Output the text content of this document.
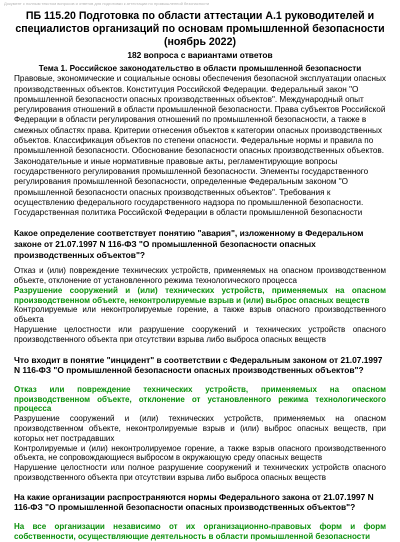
Документ с полным текстом вопросов и ответов для подготовки к аттестации по промышленной безопасности
ПБ 115.20 Подготовка по области аттестации А.1 руководителей и специалистов организаций по основам промышленной безопасности (ноябрь 2022)
182 вопроса с вариантами ответов
Тема 1. Российское законодательство в области промышленной безопасности
Правовые, экономические и социальные основы обеспечения безопасной эксплуатации опасных производственных объектов. Конституция Российской Федерации. Федеральный закон "О промышленной безопасности опасных производственных объектов". Международный опыт регулирования отношений в области промышленной безопасности. Права субъектов Российской Федерации в области регулирования отношений по промышленной безопасности, а также в смежных областях права. Критерии отнесения объектов к категории опасных производственных объектов. Классификация объектов по степени опасности. Федеральные нормы и правила по промышленной безопасности. Обоснование безопасности опасных производственных объектов. Законодательные и иные нормативные правовые акты, регламентирующие вопросы государственного регулирования промышленной безопасности. Элементы государственного регулирования промышленной безопасности, определенные Федеральным законом "О промышленной безопасности опасных производственных объектов". Требования к осуществлению федерального государственного надзора по промышленной безопасности. Государственная политика Российской Федерации в области промышленной безопасности
Какое определение соответствует понятию "авария", изложенному в Федеральном законе от 21.07.1997 N 116-ФЗ "О промышленной безопасности опасных производственных объектов"?

Отказ и (или) повреждение технических устройств, применяемых на опасном производственном объекте, отклонение от установленного режима технологического процесса

Разрушение сооружений и (или) технических устройств, применяемых на опасном производственном объекте, неконтролируемые взрыв и (или) выброс опасных веществ

Контролируемые или неконтролируемые горение, а также взрыв опасного производственного объекта

Нарушение целостности или разрушение сооружений и технических устройств опасного производственного объекта при отсутствии взрыва либо выброса опасных веществ

Что входит в понятие "инцидент" в соответствии с Федеральным законом от 21.07.1997 N 116-ФЗ "О промышленной безопасности опасных производственных объектов"?

Отказ или повреждение технических устройств, применяемых на опасном производственном объекте, отклонение от установленного режима технологического процесса

Разрушение сооружений и (или) технических устройств, применяемых на опасном производственном объекте, неконтролируемые взрыв и (или) выброс опасных веществ, при которых нет пострадавших

Контролируемые и (или) неконтролируемое горение, а также взрыв опасного производственного объекта, не сопровождающиеся выбросом в окружающую среду опасных веществ

Нарушение целостности или полное разрушение сооружений и технических устройств опасного производственного объекта при отсутствии взрыва либо выброса опасных веществ

На какие организации распространяются нормы Федерального закона от 21.07.1997 N 116-ФЗ "О промышленной безопасности опасных производственных объектов"?

На все организации независимо от их организационно-правовых форм и форм собственности, осуществляющие деятельность в области промышленной безопасности
